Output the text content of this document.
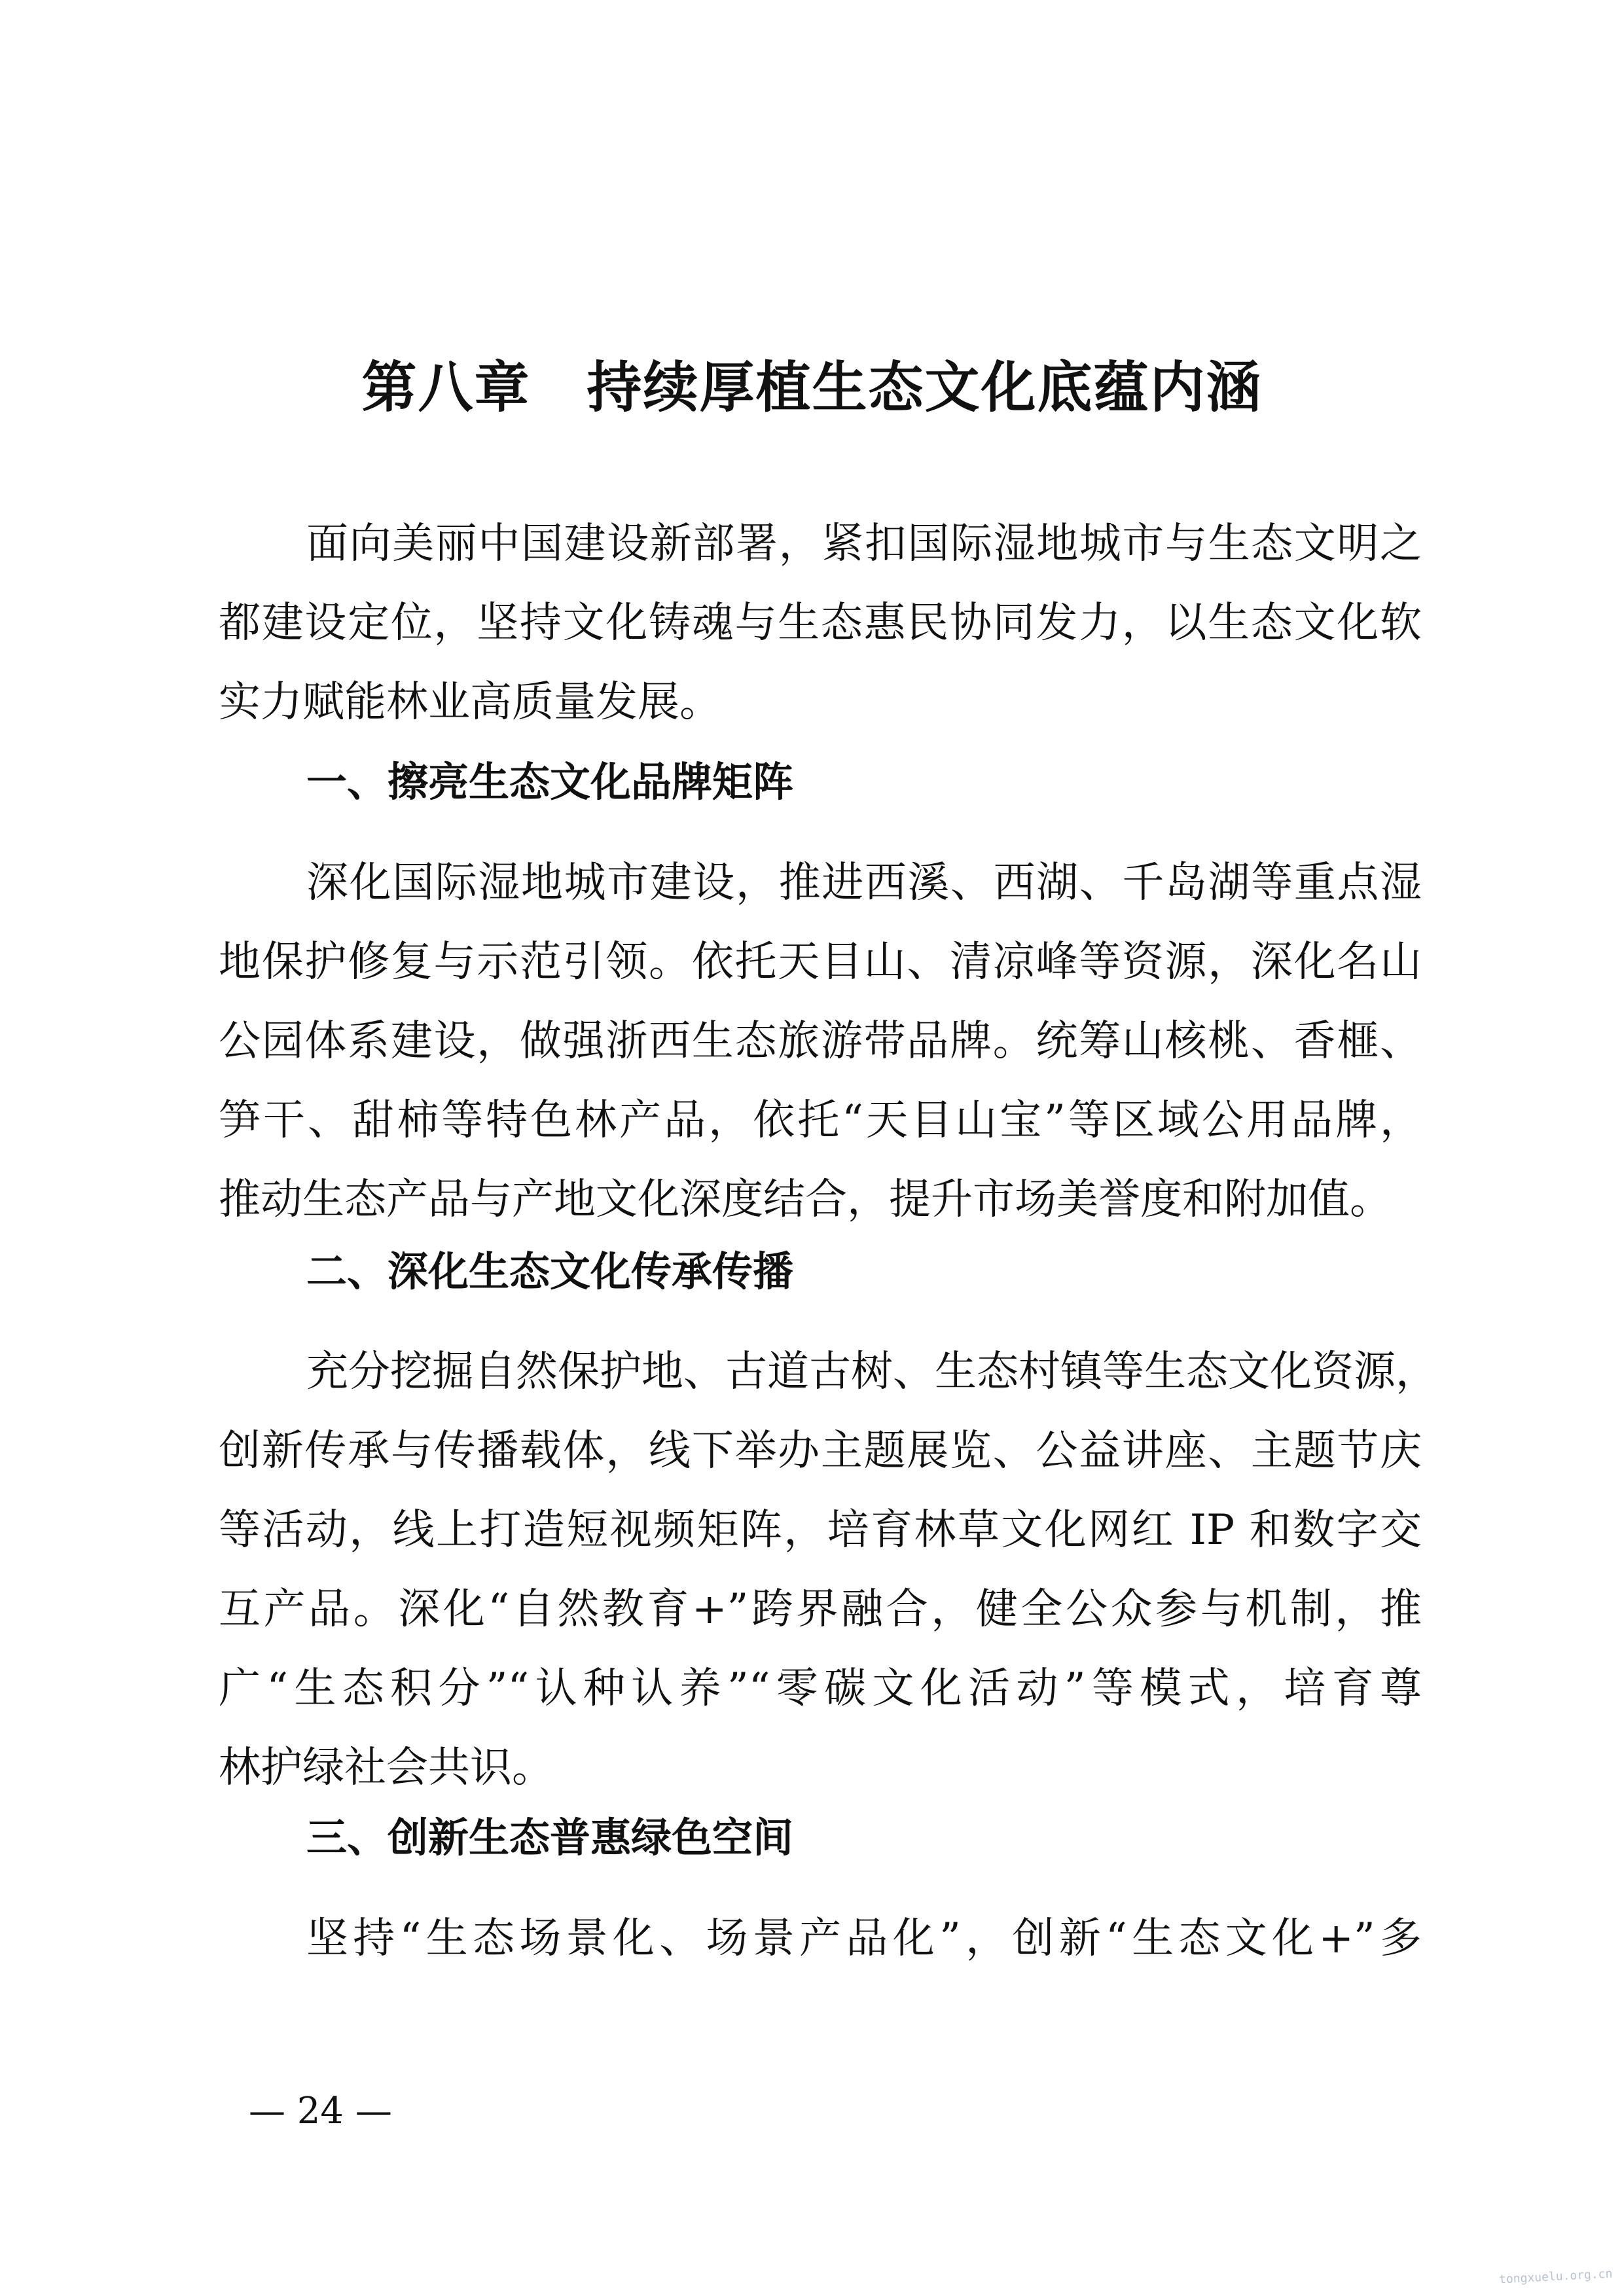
第八章　持续厚植生态文化底蕴内涵
面向美丽中国建设新部署，紧扣国际湿地城市与生态文明之
都建设定位，坚持文化铸魂与生态惠民协同发力，以生态文化软
实力赋能林业高质量发展。
一、擦亮生态文化品牌矩阵
深化国际湿地城市建设，推进西溪、西湖、千岛湖等重点湿
地保护修复与示范引领。依托天目山、清凉峰等资源，深化名山
公园体系建设，做强浙西生态旅游带品牌。统筹山核桃、香榧、
笋干、甜柿等特色林产品，依托“天目山宝”等区域公用品牌，
推动生态产品与产地文化深度结合，提升市场美誉度和附加值。
二、深化生态文化传承传播
充分挖掘自然保护地、古道古树、生态村镇等生态文化资源，
创新传承与传播载体，线下举办主题展览、公益讲座、主题节庆
等活动，线上打造短视频矩阵，培育林草文化网红 IP 和数字交
互产品。深化“自然教育+”跨界融合，健全公众参与机制，推
广“生态积分”“认种认养”“零碳文化活动”等模式，培育尊
林护绿社会共识。
三、创新生态普惠绿色空间
坚持“生态场景化、场景产品化”，创新“生态文化+”多
— 24 —
tongxuelu.org.cn
